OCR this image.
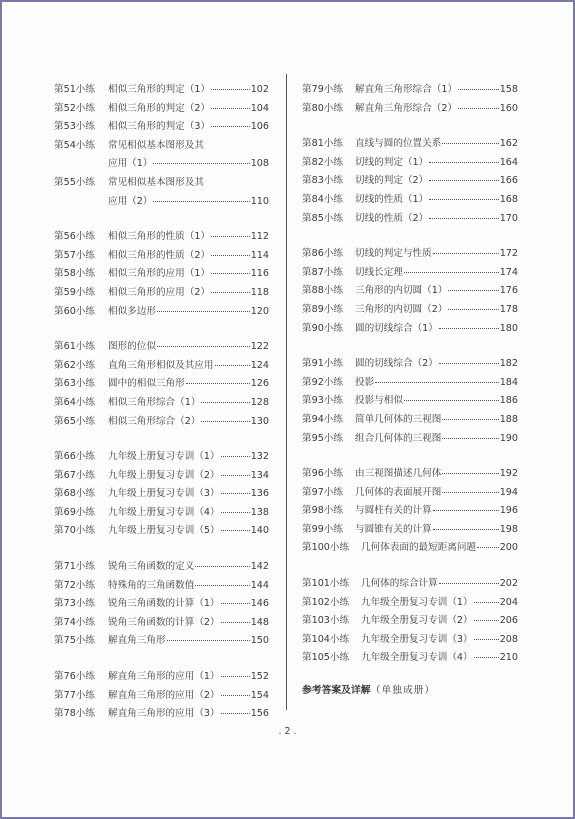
第51小练	相似三角形的判定（1）	102
第52小练	相似三角形的判定（2）	104
第53小练	相似三角形的判定（3）	106
第54小练	常见相似基本图形及其
应用（1）	108
第55小练	常见相似基本图形及其
应用（2）	110
第56小练	相似三角形的性质（1）	112
第57小练	相似三角形的性质（2）	114
第58小练	相似三角形的应用（1）	116
第59小练	相似三角形的应用（2）	118
第60小练	相似多边形	120
第61小练	图形的位似	122
第62小练	直角三角形相似及其应用	124
第63小练	圆中的相似三角形	126
第64小练	相似三角形综合（1）	128
第65小练	相似三角形综合（2）	130
第66小练	九年级上册复习专训（1）	132
第67小练	九年级上册复习专训（2）	134
第68小练	九年级上册复习专训（3）	136
第69小练	九年级上册复习专训（4）	138
第70小练	九年级上册复习专训（5）	140
第71小练	锐角三角函数的定义	142
第72小练	特殊角的三角函数值	144
第73小练	锐角三角函数的计算（1）	146
第74小练	锐角三角函数的计算（2）	148
第75小练	解直角三角形	150
第76小练	解直角三角形的应用（1）	152
第77小练	解直角三角形的应用（2）	154
第78小练	解直角三角形的应用（3）	156
第79小练	解直角三角形综合（1）	158
第80小练	解直角三角形综合（2）	160
第81小练	直线与圆的位置关系	162
第82小练	切线的判定（1）	164
第83小练	切线的判定（2）	166
第84小练	切线的性质（1）	168
第85小练	切线的性质（2）	170
第86小练	切线的判定与性质	172
第87小练	切线长定理	174
第88小练	三角形的内切圆（1）	176
第89小练	三角形的内切圆（2）	178
第90小练	圆的切线综合（1）	180
第91小练	圆的切线综合（2）	182
第92小练	投影	184
第93小练	投影与相似	186
第94小练	简单几何体的三视图	188
第95小练	组合几何体的三视图	190
第96小练	由三视图描述几何体	192
第97小练	几何体的表面展开图	194
第98小练	与圆柱有关的计算	196
第99小练	与圆锥有关的计算	198
第100小练	几何体表面的最短距离问题 200
第101小练	几何体的综合计算	202
第102小练	九年级全册复习专训（1）	204
第103小练	九年级全册复习专训（2）	206
第104小练	九年级全册复习专训（3）	208
第105小练	九年级全册复习专训（4）	210
参考答案及详解（单独成册）
. 2 .
